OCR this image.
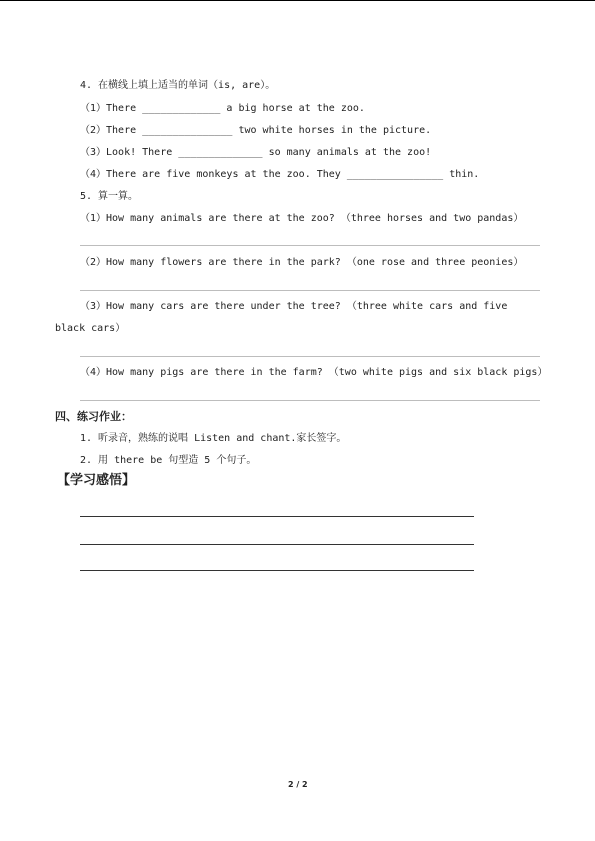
4. 在横线上填上适当的单词（is, are）。
（1）There _____________ a big horse at the zoo.
（2）There _______________ two white horses in the picture.
（3）Look! There ______________ so many animals at the zoo!
（4）There are five monkeys at the zoo. They ________________ thin.
5. 算一算。
（1）How many animals are there at the zoo? （three horses and two pandas）
（2）How many flowers are there in the park? （one rose and three peonies）
（3）How many cars are there under the tree? （three white cars and five
black cars）
（4）How many pigs are there in the farm? （two white pigs and six black pigs）
四、练习作业：
1. 听录音，熟练的说唱 Listen and chant.家长签字。
2. 用 there be 句型造 5 个句子。
【学习感悟】
2 / 2
